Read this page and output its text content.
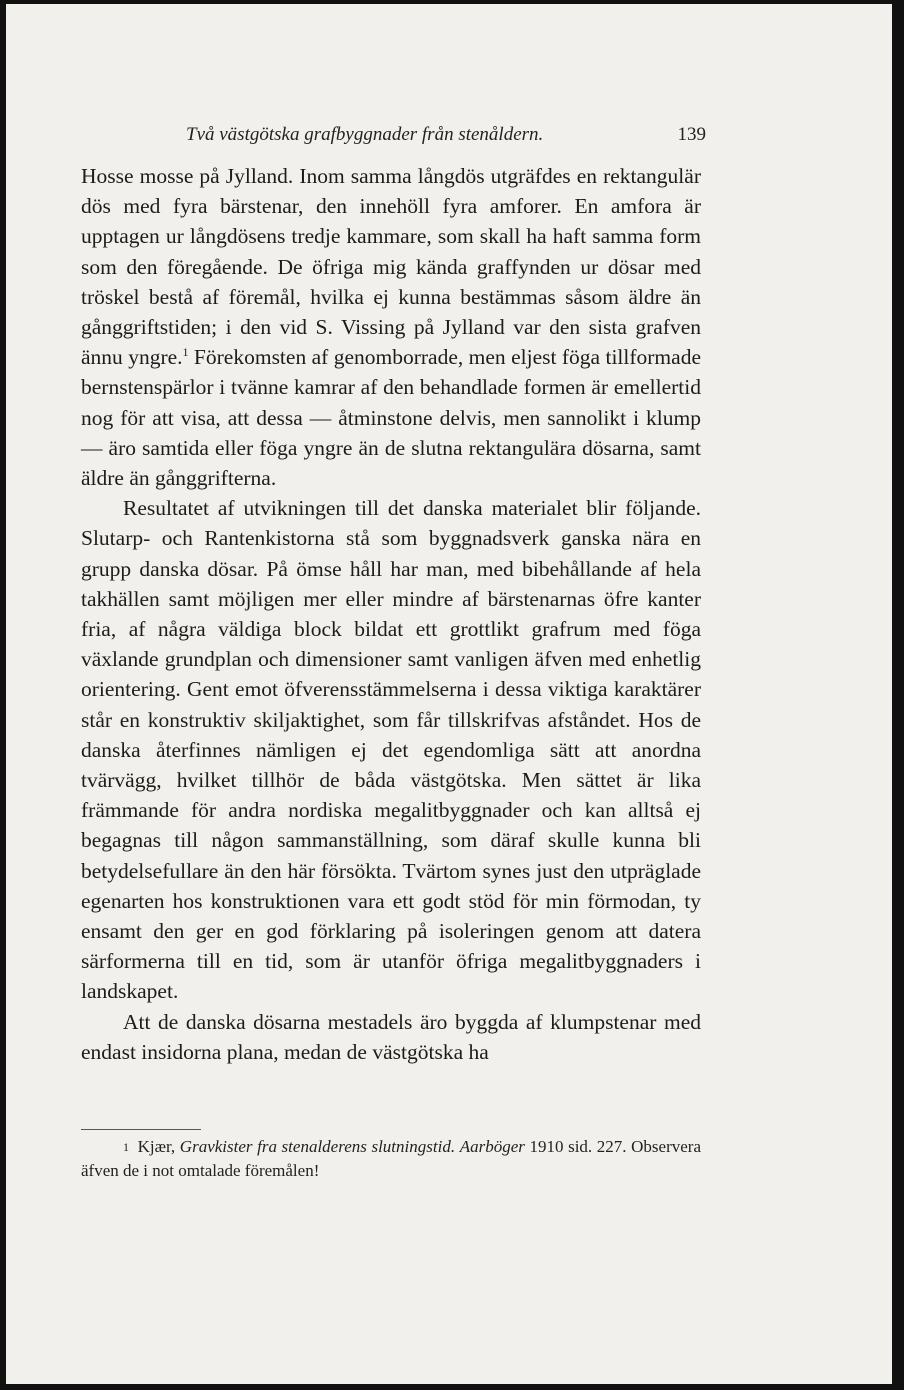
Två västgötska grafbyggnader från stenåldern.	139

Hosse mosse på Jylland. Inom samma långdös utgräfdes en rektangulär dös med fyra bärstenar, den innehöll fyra amforer. En amfora är upptagen ur långdösens tredje kammare, som skall ha haft samma form som den föregående. De öfriga mig kända graffynden ur dösar med tröskel bestå af föremål, hvilka ej kunna bestämmas såsom äldre än gånggriftstiden; i den vid S. Vissing på Jylland var den sista grafven ännu yngre.$^1$ Förekomsten af genomborrade, men eljest föga tillformade bernstenspärlor i tvänne kamrar af den behandlade formen är emellertid nog för att visa, att dessa — åtminstone delvis, men sannolikt i klump — äro samtida eller föga yngre än de slutna rektangulära dösarna, samt äldre än gånggrifterna.

Resultatet af utvikningen till det danska materialet blir följande. Slutarp- och Rantenkistorna stå som byggnadsverk ganska nära en grupp danska dösar. På ömse håll har man, med bibehållande af hela takhällen samt möjligen mer eller mindre af bärstenarnas öfre kanter fria, af några väldiga block bildat ett grottlikt grafrum med föga växlande grundplan och dimensioner samt vanligen äfven med enhetlig orientering. Gent emot öfverensstämmelserna i dessa viktiga karaktärer står en konstruktiv skiljaktighet, som får tillskrifvas afståndet. Hos de danska återfinnes nämligen ej det egendomliga sätt att anordna tvärvägg, hvilket tillhör de båda västgötska. Men sättet är lika främmande för andra nordiska megalitbyggnader och kan alltså ej begagnas till någon sammanställning, som däraf skulle kunna bli betydelsefullare än den här försökta. Tvärtom synes just den utpräglade egenarten hos konstruktionen vara ett godt stöd för min förmodan, ty ensamt den ger en god förklaring på isoleringen genom att datera särformerna till en tid, som är utanför öfriga megalitbyggnaders i landskapet.

Att de danska dösarna mestadels äro byggda af klumpstenar med endast insidorna plana, medan de västgötska ha

$^1$ Kjær, Gravkister fra stenalderens slutningstid. Aarböger 1910 sid. 227. Observera äfven de i not omtalade föremålen!
